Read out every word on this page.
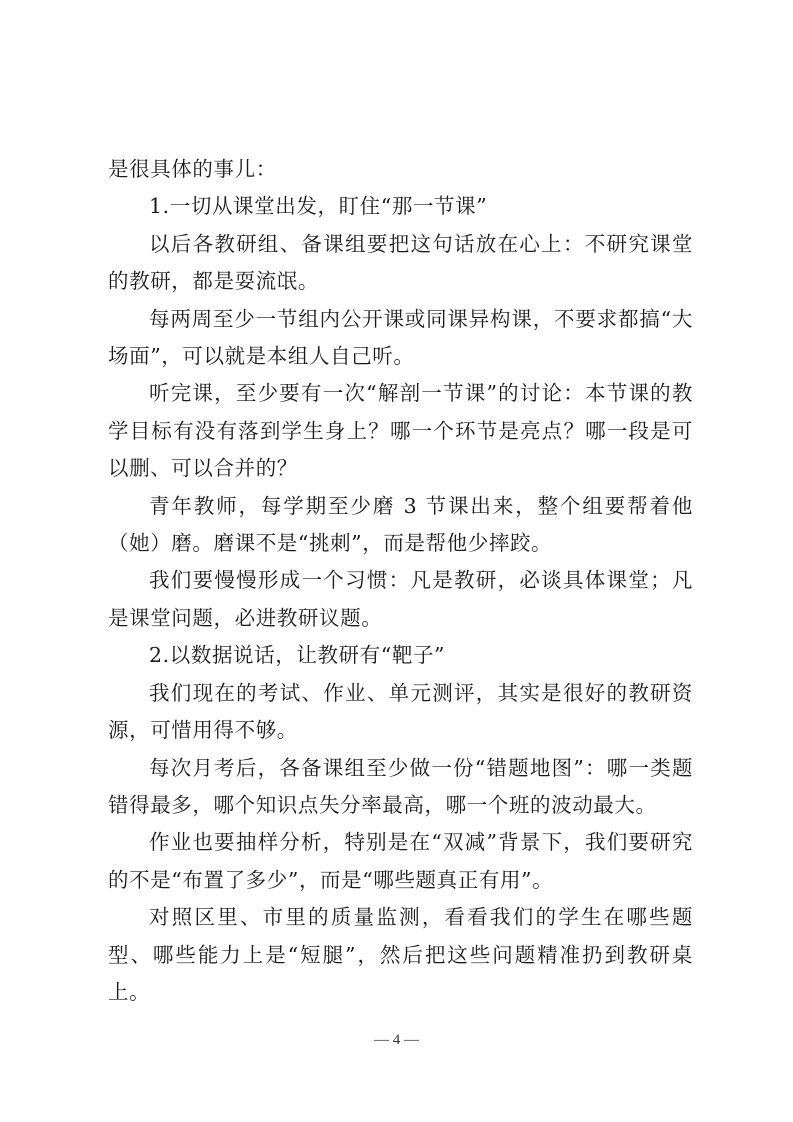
是很具体的事儿：

1.一切从课堂出发，盯住“那一节课”

以后各教研组、备课组要把这句话放在心上：不研究课堂的教研，都是耍流氓。

每两周至少一节组内公开课或同课异构课，不要求都搞“大场面”，可以就是本组人自己听。

听完课，至少要有一次“解剖一节课”的讨论：本节课的教学目标有没有落到学生身上？哪一个环节是亮点？哪一段是可以删、可以合并的？

青年教师，每学期至少磨 3 节课出来，整个组要帮着他（她）磨。磨课不是“挑刺”，而是帮他少摔跤。

我们要慢慢形成一个习惯：凡是教研，必谈具体课堂；凡是课堂问题，必进教研议题。

2.以数据说话，让教研有“靶子”

我们现在的考试、作业、单元测评，其实是很好的教研资源，可惜用得不够。

每次月考后，各备课组至少做一份“错题地图”：哪一类题错得最多，哪个知识点失分率最高，哪一个班的波动最大。

作业也要抽样分析，特别是在“双减”背景下，我们要研究的不是“布置了多少”，而是“哪些题真正有用”。

对照区里、市里的质量监测，看看我们的学生在哪些题型、哪些能力上是“短腿”，然后把这些问题精准扔到教研桌上。

— 4 —
